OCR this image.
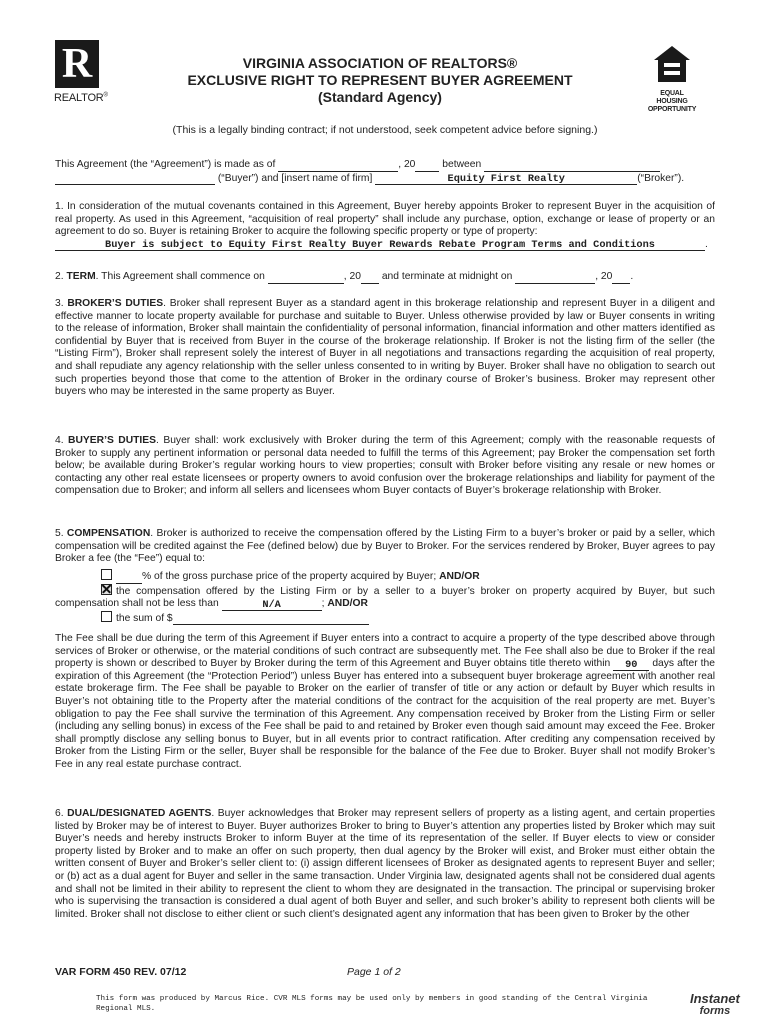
R
REALTOR®	EQUAL HOUSING
OPPORTUNITY
VIRGINIA ASSOCIATION OF REALTORS®
EXCLUSIVE RIGHT TO REPRESENT BUYER AGREEMENT
(Standard Agency)
(This is a legally binding contract; if not understood, seek competent advice before signing.)
This Agreement (the “Agreement”) is made as of	, 20	between
(“Buyer”) and [insert name of firm]	Equity First Realty	(“Broker”).
1. In consideration of the mutual covenants contained in this Agreement, Buyer hereby appoints Broker to represent Buyer in the acquisition of real property. As used in this Agreement, “acquisition of real property” shall include any purchase, option, exchange or lease of property or an agreement to do so. Buyer is retaining Broker to acquire the following specific property or type of property:
Buyer is subject to Equity First Realty Buyer Rewards Rebate Program Terms and Conditions	.
2. TERM. This Agreement shall commence on	, 20 and terminate at midnight on	, 20 .
3. BROKER’S DUTIES. Broker shall represent Buyer as a standard agent in this brokerage relationship and represent Buyer in a diligent and effective manner to locate property available for purchase and suitable to Buyer. Unless otherwise provided by law or Buyer consents in writing to the release of information, Broker shall maintain the confidentiality of personal information, financial information and other matters identified as confidential by Buyer that is received from Buyer in the course of the brokerage relationship. If Broker is not the listing firm of the seller (the “Listing Firm”), Broker shall represent solely the interest of Buyer in all negotiations and transactions regarding the acquisition of real property, and shall repudiate any agency relationship with the seller unless consented to in writing by Buyer. Broker shall have no obligation to search out such properties beyond those that come to the attention of Broker in the ordinary course of Broker’s business. Broker may represent other buyers who may be interested in the same property as Buyer.
4. BUYER’S DUTIES. Buyer shall: work exclusively with Broker during the term of this Agreement; comply with the reasonable requests of Broker to supply any pertinent information or personal data needed to fulfill the terms of this Agreement; pay Broker the compensation set forth below; be available during Broker’s regular working hours to view properties; consult with Broker before visiting any resale or new homes or contacting any other real estate licensees or property owners to avoid confusion over the brokerage relationships and liability for payment of the compensation due to Broker; and inform all sellers and licensees whom Buyer contacts of Buyer’s brokerage relationship with Broker.
5. COMPENSATION. Broker is authorized to receive the compensation offered by the Listing Firm to a buyer’s broker or paid by a seller, which compensation will be credited against the Fee (defined below) due by Buyer to Broker. For the services rendered by Broker, Buyer agrees to pay Broker a fee (the “Fee”) equal to:
% of the gross purchase price of the property acquired by Buyer; AND/OR
the compensation offered by the Listing Firm or by a seller to a buyer’s broker on property acquired by Buyer, but such compensation shall not be less than	N/A	; AND/OR
the sum of $
The Fee shall be due during the term of this Agreement if Buyer enters into a contract to acquire a property of the type described above through services of Broker or otherwise, or the material conditions of such contract are subsequently met. The Fee shall also be due to Broker if the real property is shown or described to Buyer by Broker during the term of this Agreement and Buyer obtains title thereto within 90 days after the expiration of this Agreement (the “Protection Period”) unless Buyer has entered into a subsequent buyer brokerage agreement with another real estate brokerage firm. The Fee shall be payable to Broker on the earlier of transfer of title or any action or default by Buyer which results in Buyer’s not obtaining title to the Property after the material conditions of the contract for the acquisition of the real property are met. Buyer’s obligation to pay the Fee shall survive the termination of this Agreement. Any compensation received by Broker from the Listing Firm or seller (including any selling bonus) in excess of the Fee shall be paid to and retained by Broker even though said amount may exceed the Fee. Broker shall promptly disclose any selling bonus to Buyer, but in all events prior to contract ratification. After crediting any compensation received by Broker from the Listing Firm or the seller, Buyer shall be responsible for the balance of the Fee due to Broker. Buyer shall not modify Broker’s Fee in any real estate purchase contract.
6. DUAL/DESIGNATED AGENTS. Buyer acknowledges that Broker may represent sellers of property as a listing agent, and certain properties listed by Broker may be of interest to Buyer. Buyer authorizes Broker to bring to Buyer’s attention any properties listed by Broker which may suit Buyer’s needs and hereby instructs Broker to inform Buyer at the time of its representation of the seller. If Buyer elects to view or consider property listed by Broker and to make an offer on such property, then dual agency by the Broker will exist, and Broker must either obtain the written consent of Buyer and Broker’s seller client to: (i) assign different licensees of Broker as designated agents to represent Buyer and seller; or (b) act as a dual agent for Buyer and seller in the same transaction. Under Virginia law, designated agents shall not be considered dual agents and shall not be limited in their ability to represent the client to whom they are designated in the transaction. The principal or supervising broker who is supervising the transaction is considered a dual agent of both Buyer and seller, and such broker’s ability to represent both clients will be limited. Broker shall not disclose to either client or such client’s designated agent any information that has been given to Broker by the other
VAR FORM 450 REV. 07/12	Page 1 of 2
This form was produced by Marcus Rice. CVR MLS forms may be used only by members in good standing of the Central Virginia Regional MLS.
Instanet
forms
